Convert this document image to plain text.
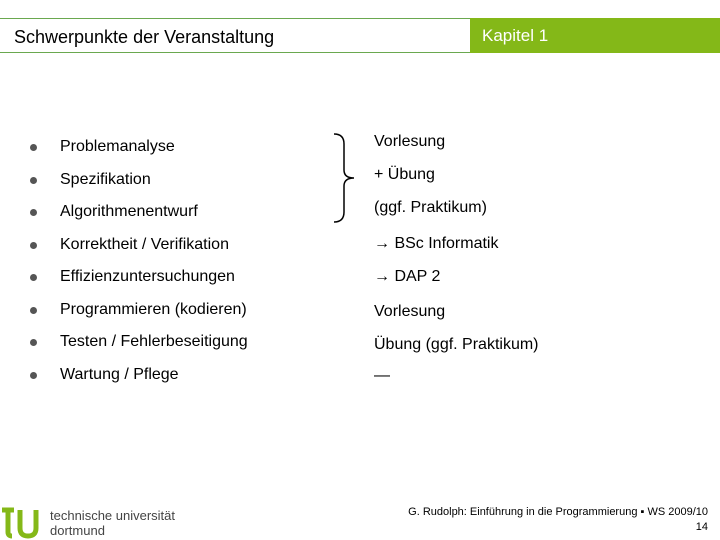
Schwerpunkte der Veranstaltung	Kapitel 1
Problemanalyse
Spezifikation
Algorithmenentwurf
Korrektheit / Verifikation
Effizienzuntersuchungen
Programmieren (kodieren)
Testen / Fehlerbeseitigung
Wartung / Pflege
Vorlesung
+ Übung
(ggf. Praktikum)
→ BSc Informatik
→ DAP 2
Vorlesung
Übung (ggf. Praktikum)
—
technische universität
dortmund
G. Rudolph: Einführung in die Programmierung ▪ WS 2009/10
14
